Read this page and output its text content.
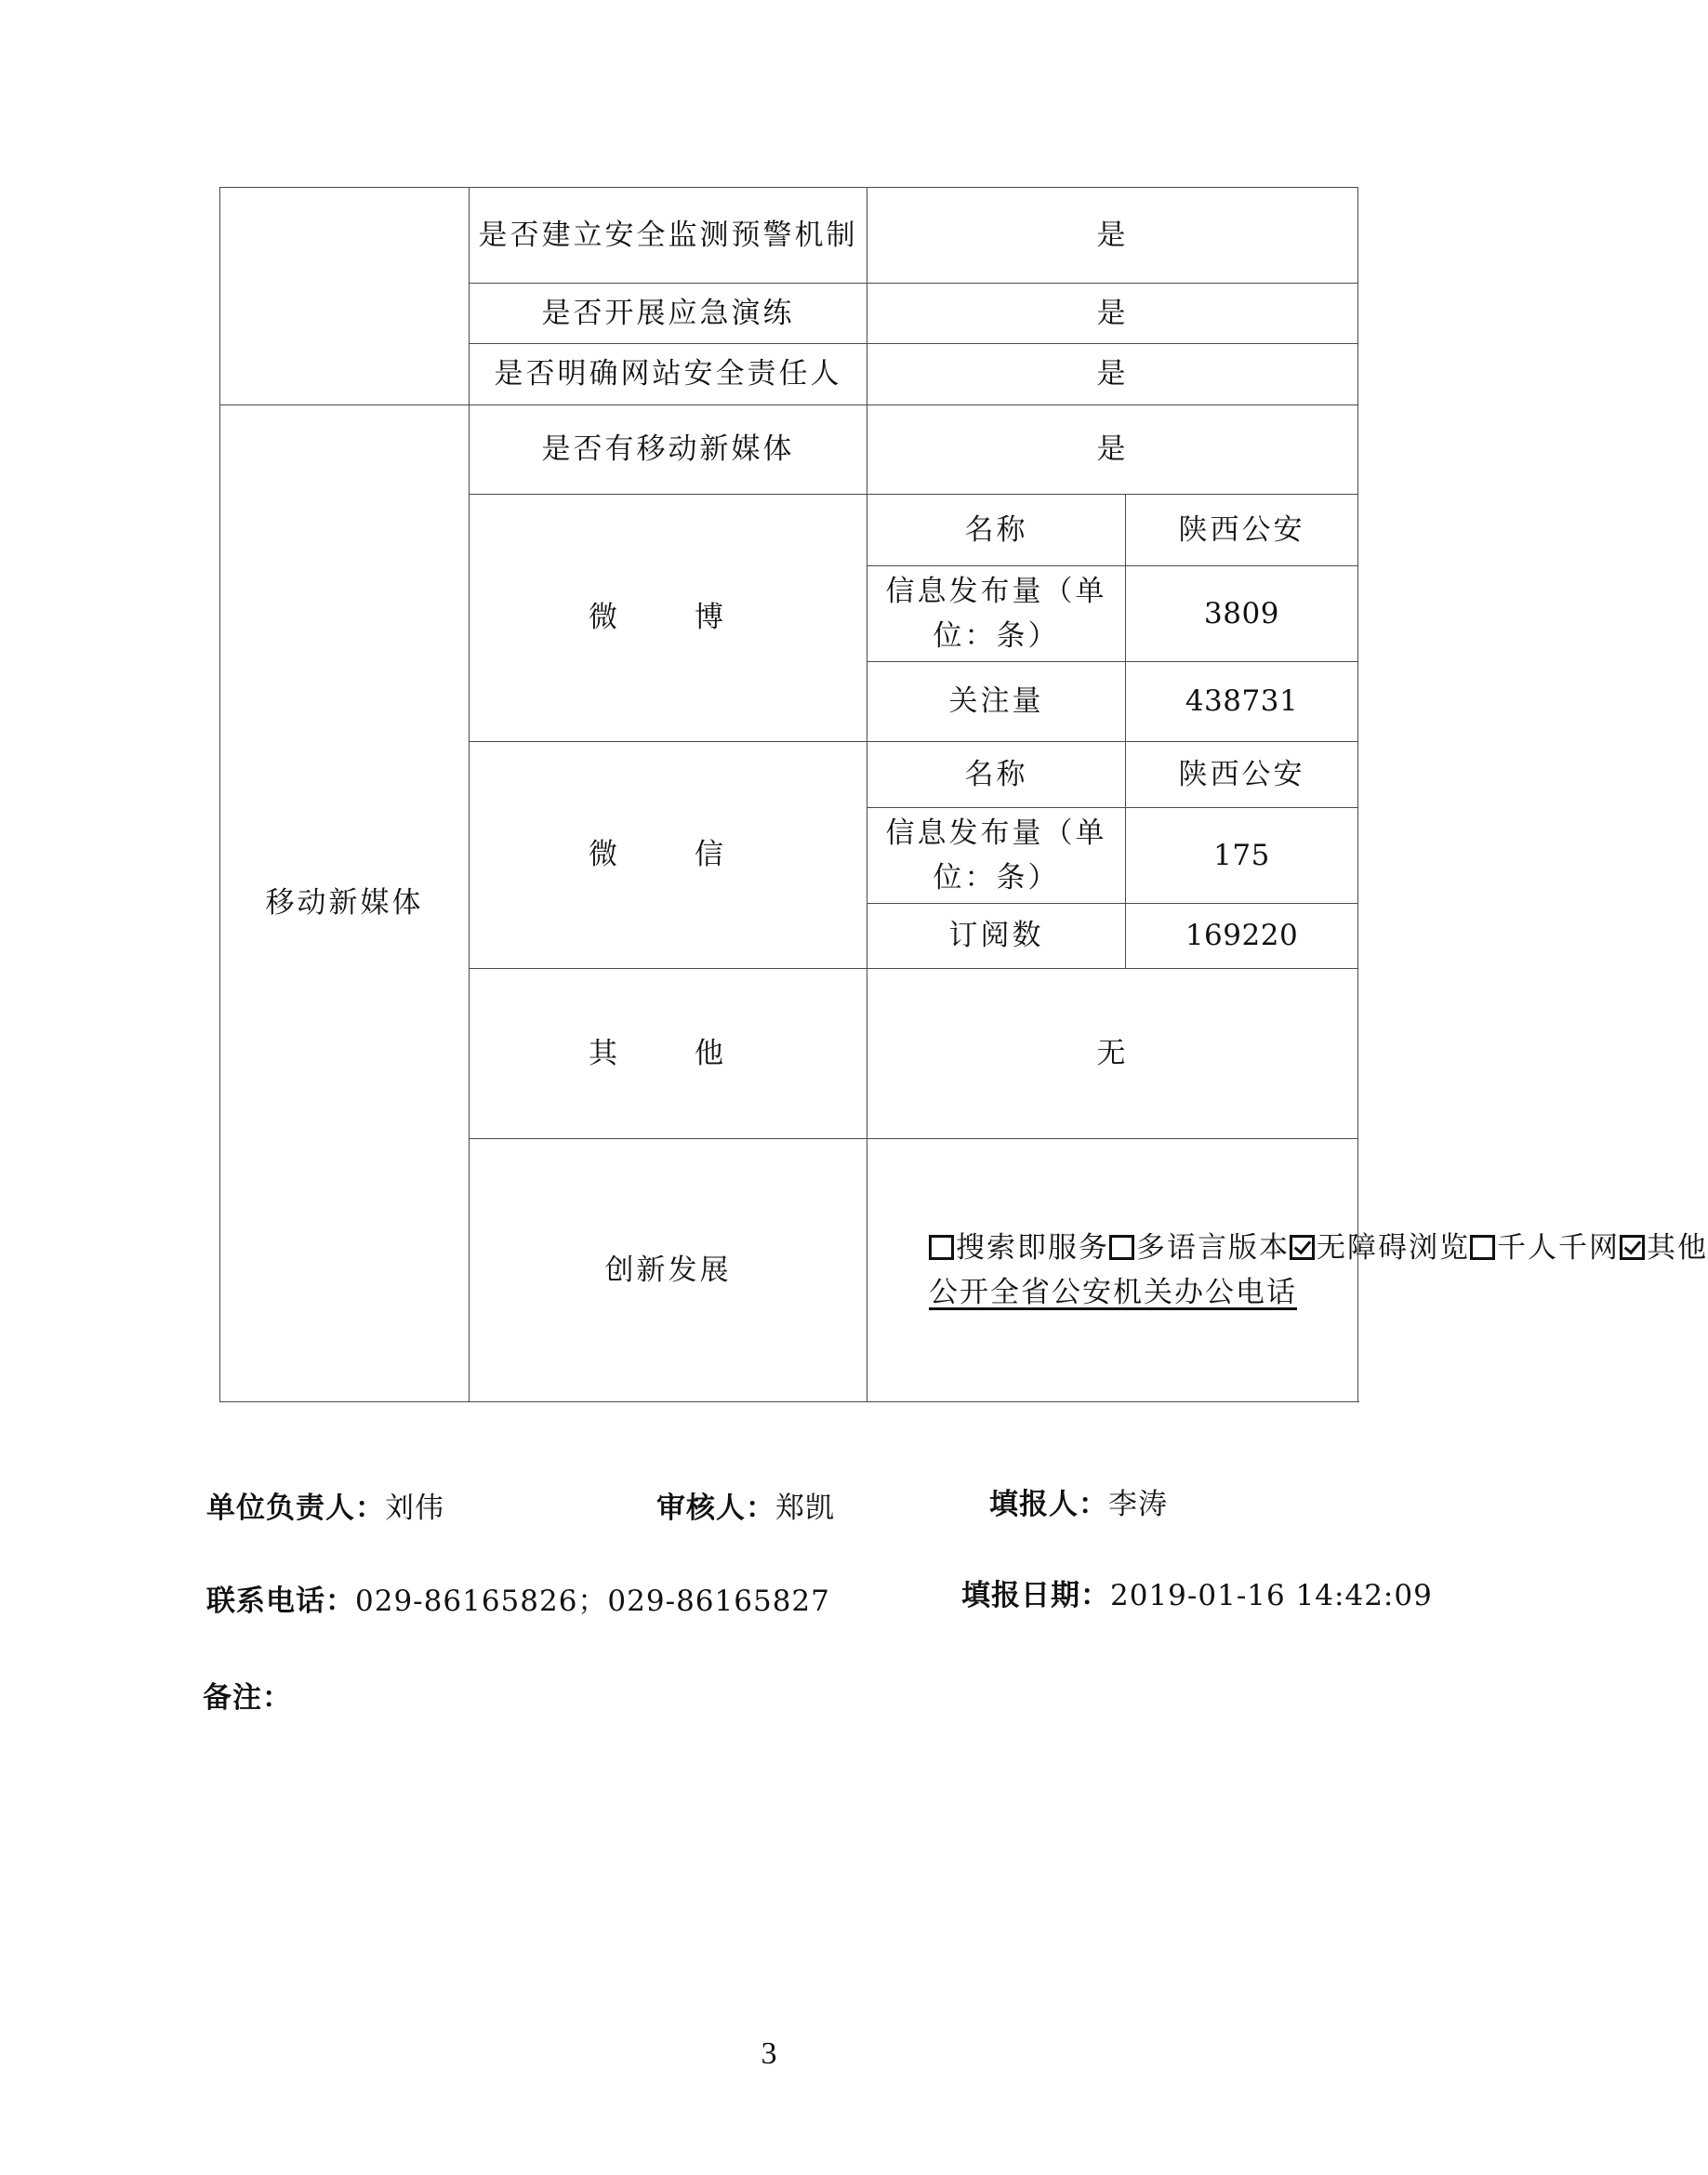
	是否建立安全监测预警机制	是	
	是否开展应急演练	是	
	是否明确网站安全责任人	是	
移动新媒体	是否有移动新媒体	是	
	微　博	名称	陕西公安
		信息发布量（单位：条）	3809
		关注量	438731
	微　信	名称	陕西公安
		信息发布量（单位：条）	175
		订阅数	169220
	其　他	无	
	创新发展	搜索即服务 多语言版本 无障碍浏览 千人千网 其他
公开全省公安机关办公电话	
单位负责人：刘伟	审核人：郑凯	填报人：李涛
联系电话：029-86165826；029-86165827	填报日期：2019-01-16 14:42:09
备注：
3
